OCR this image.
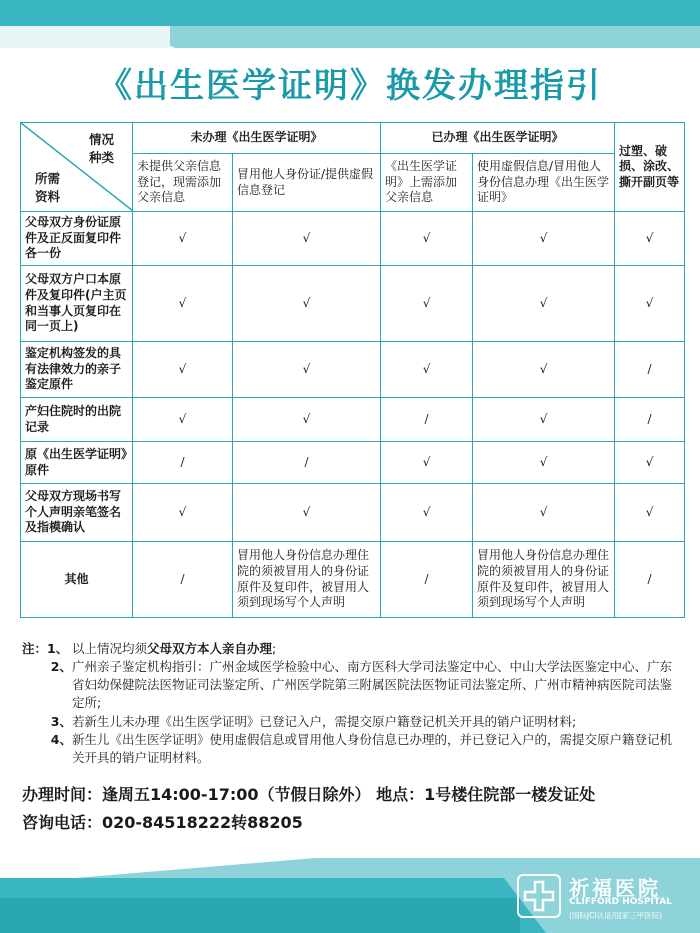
《出生医学证明》换发办理指引
情况
种类
所需
资料	未办理《出生医学证明》		已办理《出生医学证明》		过塑、破损、涂改、撕开副页等
	未提供父亲信息登记，现需添加父亲信息	冒用他人身份证/提供虚假信息登记	《出生医学证明》上需添加父亲信息	使用虚假信息/冒用他人身份信息办理《出生医学证明》	
父母双方身份证原件及正反面复印件各一份	√	√	√	√	√
父母双方户口本原件及复印件(户主页和当事人页复印在同一页上)	√	√	√	√	√
鉴定机构签发的具有法律效力的亲子鉴定原件	√	√	√	√	/
产妇住院时的出院记录	√	√	/	√	/
原《出生医学证明》原件	/	/	√	√	√
父母双方现场书写个人声明亲笔签名及指模确认	√	√	√	√	√
其他	/	冒用他人身份信息办理住院的须被冒用人的身份证原件及复印件，被冒用人须到现场写个人声明	/	冒用他人身份信息办理住院的须被冒用人的身份证原件及复印件，被冒用人须到现场写个人声明	/
注：1、 以上情况均须父母双方本人亲自办理;
2、 广州亲子鉴定机构指引：广州金域医学检验中心、南方医科大学司法鉴定中心、中山大学法医鉴定中心、广东省妇幼保健院法医物证司法鉴定所、广州医学院第三附属医院法医物证司法鉴定所、广州市精神病医院司法鉴定所;
3、 若新生儿未办理《出生医学证明》已登记入户，需提交原户籍登记机关开具的销户证明材料;
4、 新生儿《出生医学证明》使用虚假信息或冒用他人身份信息已办理的，并已登记入户的，需提交原户籍登记机关开具的销户证明材料。
办理时间：逢周五14:00-17:00（节假日除外） 地点：1号楼住院部一楼发证处
咨询电话：020-84518222转88205
祈福医院
CLIFFORD HOSPITAL
(国际JCI认证/国家三甲医院)
